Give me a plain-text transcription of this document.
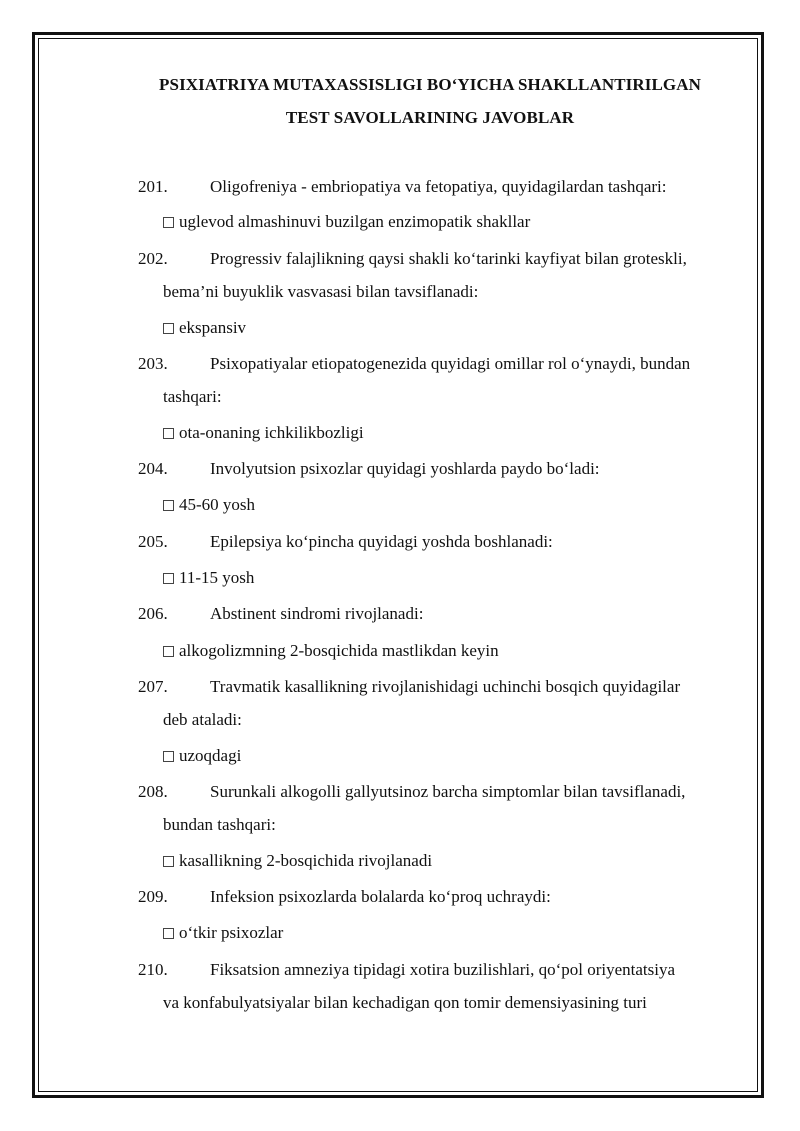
PSIXIATRIYA MUTAXASSISLIGI BO‘YICHA SHAKLLANTIRILGAN
TEST SAVOLLARINING JAVOBLAR
201. Oligofreniya - embriopatiya va fetopatiya, quyidagilardan tashqari:
uglevod almashinuvi buzilgan enzimopatik shakllar
202. Progressiv falajlikning qaysi shakli ko‘tarinki kayfiyat bilan groteskli,
bema’ni buyuklik vasvasasi bilan tavsiflanadi:
ekspansiv
203. Psixopatiyalar etiopatogenezida quyidagi omillar rol o‘ynaydi, bundan
tashqari:
ota-onaning ichkilikbozligi
204. Involyutsion psixozlar quyidagi yoshlarda paydo bo‘ladi:
45-60 yosh
205. Epilepsiya ko‘pincha quyidagi yoshda boshlanadi:
11-15 yosh
206. Abstinent sindromi rivojlanadi:
alkogolizmning 2-bosqichida mastlikdan keyin
207. Travmatik kasallikning rivojlanishidagi uchinchi bosqich quyidagilar
deb ataladi:
uzoqdagi
208. Surunkali alkogolli gallyutsinoz barcha simptomlar bilan tavsiflanadi,
bundan tashqari:
kasallikning 2-bosqichida rivojlanadi
209. Infeksion psixozlarda bolalarda ko‘proq uchraydi:
o‘tkir psixozlar
210. Fiksatsion amneziya tipidagi xotira buzilishlari, qo‘pol oriyentatsiya
va konfabulyatsiyalar bilan kechadigan qon tomir demensiyasining turi
